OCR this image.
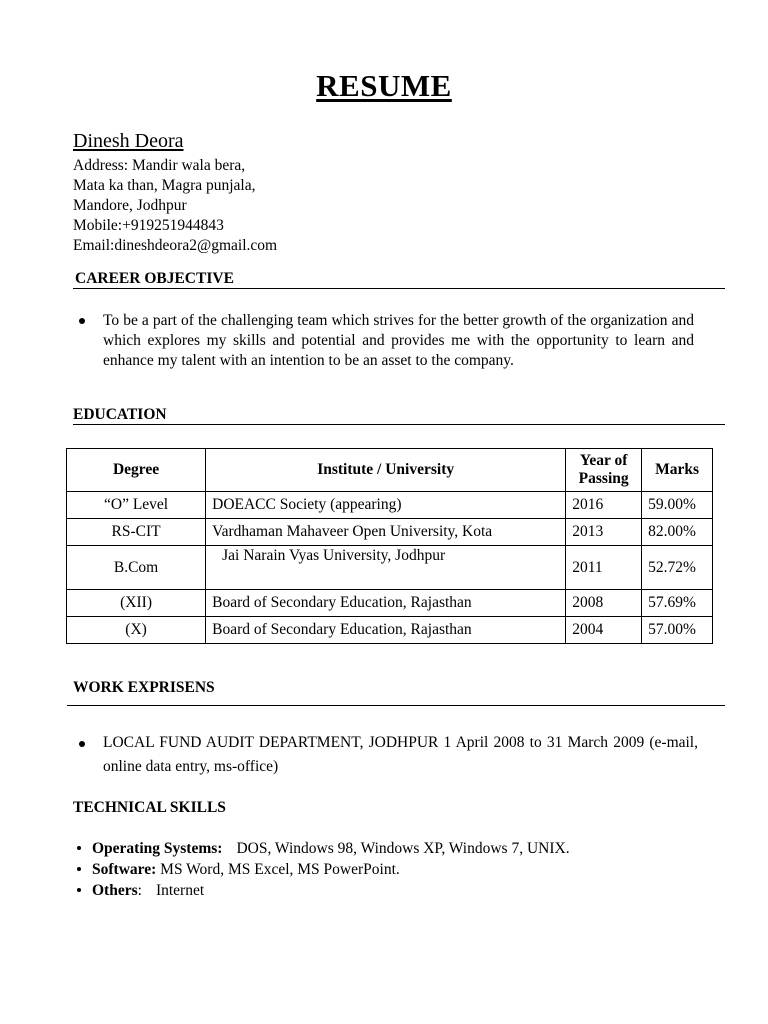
RESUME
Dinesh Deora
Address: Mandir wala bera,
Mata ka than, Magra punjala,
Mandore, Jodhpur
Mobile:+919251944843
Email:dineshdeora2@gmail.com
CAREER OBJECTIVE
To be a part of the challenging team which strives for the better growth of the organization and which explores my skills and potential and provides me with the opportunity to learn and enhance my talent with an intention to be an asset to the company.
EDUCATION
Degree	Institute / University	Year of Passing	Marks
“O” Level	DOEACC Society (appearing)	2016	59.00%
RS-CIT	Vardhaman Mahaveer Open University, Kota	2013	82.00%
B.Com	Jai Narain Vyas University, Jodhpur	2011	52.72%
(XII)	Board of Secondary Education, Rajasthan	2008	57.69%
(X)	Board of Secondary Education, Rajasthan	2004	57.00%
WORK EXPRISENS
LOCAL FUND AUDIT DEPARTMENT, JODHPUR 1 April 2008 to 31 March 2009 (e-mail, online data entry, ms-office)
TECHNICAL SKILLS
Operating Systems: DOS, Windows 98, Windows XP, Windows 7, UNIX.
Software: MS Word, MS Excel, MS PowerPoint.
Others: Internet
